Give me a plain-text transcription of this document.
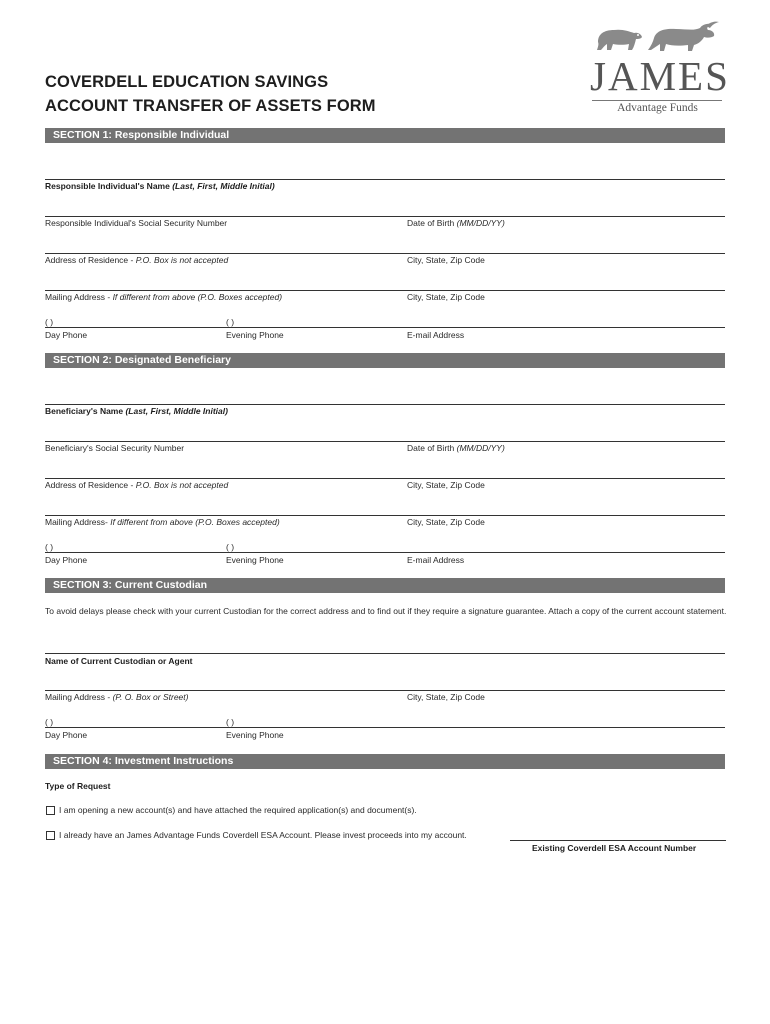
COVERDELL EDUCATION SAVINGS
ACCOUNT TRANSFER OF ASSETS FORM
JAMES
Advantage Funds
SECTION 1: Responsible Individual
Responsible Individual's Name (Last, First, Middle Initial)
Responsible Individual's Social Security Number	Date of Birth (MM/DD/YY)
Address of Residence - P.O. Box is not accepted	City, State, Zip Code
Mailing Address - If different from above (P.O. Boxes accepted)	City, State, Zip Code
( )	( )
Day Phone	Evening Phone	E-mail Address
SECTION 2: Designated Beneficiary
Beneficiary's Name (Last, First, Middle Initial)
Beneficiary's Social Security Number	Date of Birth (MM/DD/YY)
Address of Residence - P.O. Box is not accepted	City, State, Zip Code
Mailing Address- If different from above (P.O. Boxes accepted)	City, State, Zip Code
( )	( )
Day Phone	Evening Phone	E-mail Address
SECTION 3: Current Custodian
To avoid delays please check with your current Custodian for the correct address and to find out if they require a signature guarantee. Attach a copy of the current account statement.
Name of Current Custodian or Agent
Mailing Address - (P. O. Box or Street)	City, State, Zip Code
( )	( )
Day Phone	Evening Phone
SECTION 4: Investment Instructions
Type of Request
I am opening a new account(s) and have attached the required application(s) and document(s).
I already have an James Advantage Funds Coverdell ESA Account. Please invest proceeds into my account.
Existing Coverdell ESA Account Number
